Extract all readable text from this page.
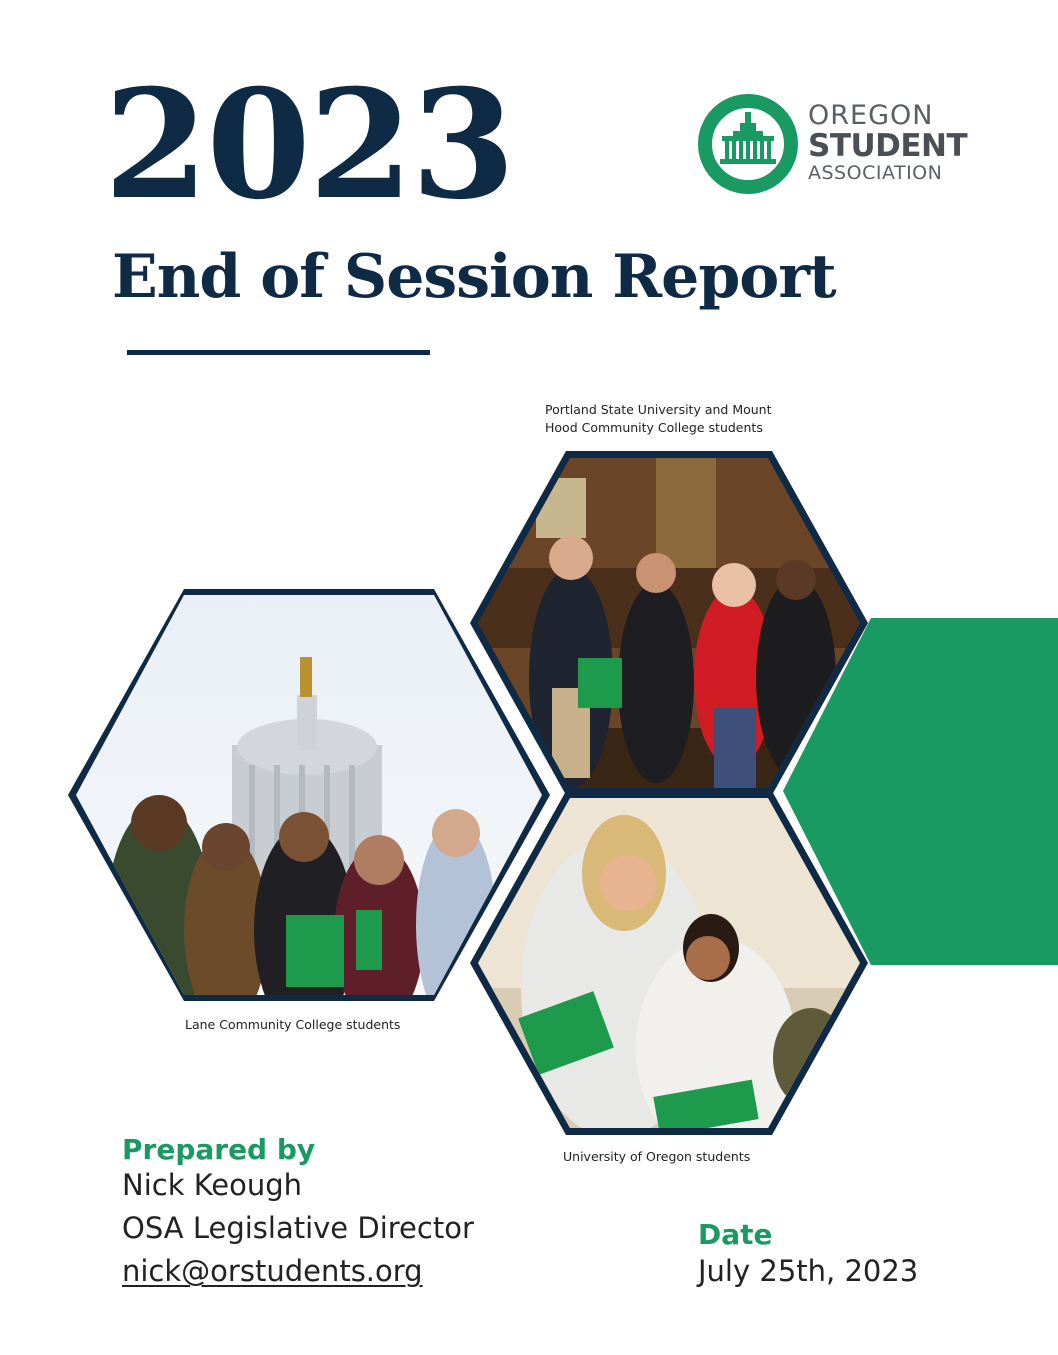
2023
End of Session Report
OREGON
STUDENT
ASSOCIATION
Lane Community College students
Portland State University and Mount
Hood Community College students
University of Oregon students
Prepared by
Nick Keough
OSA Legislative Director
nick@orstudents.org
Date
July 25th, 2023
